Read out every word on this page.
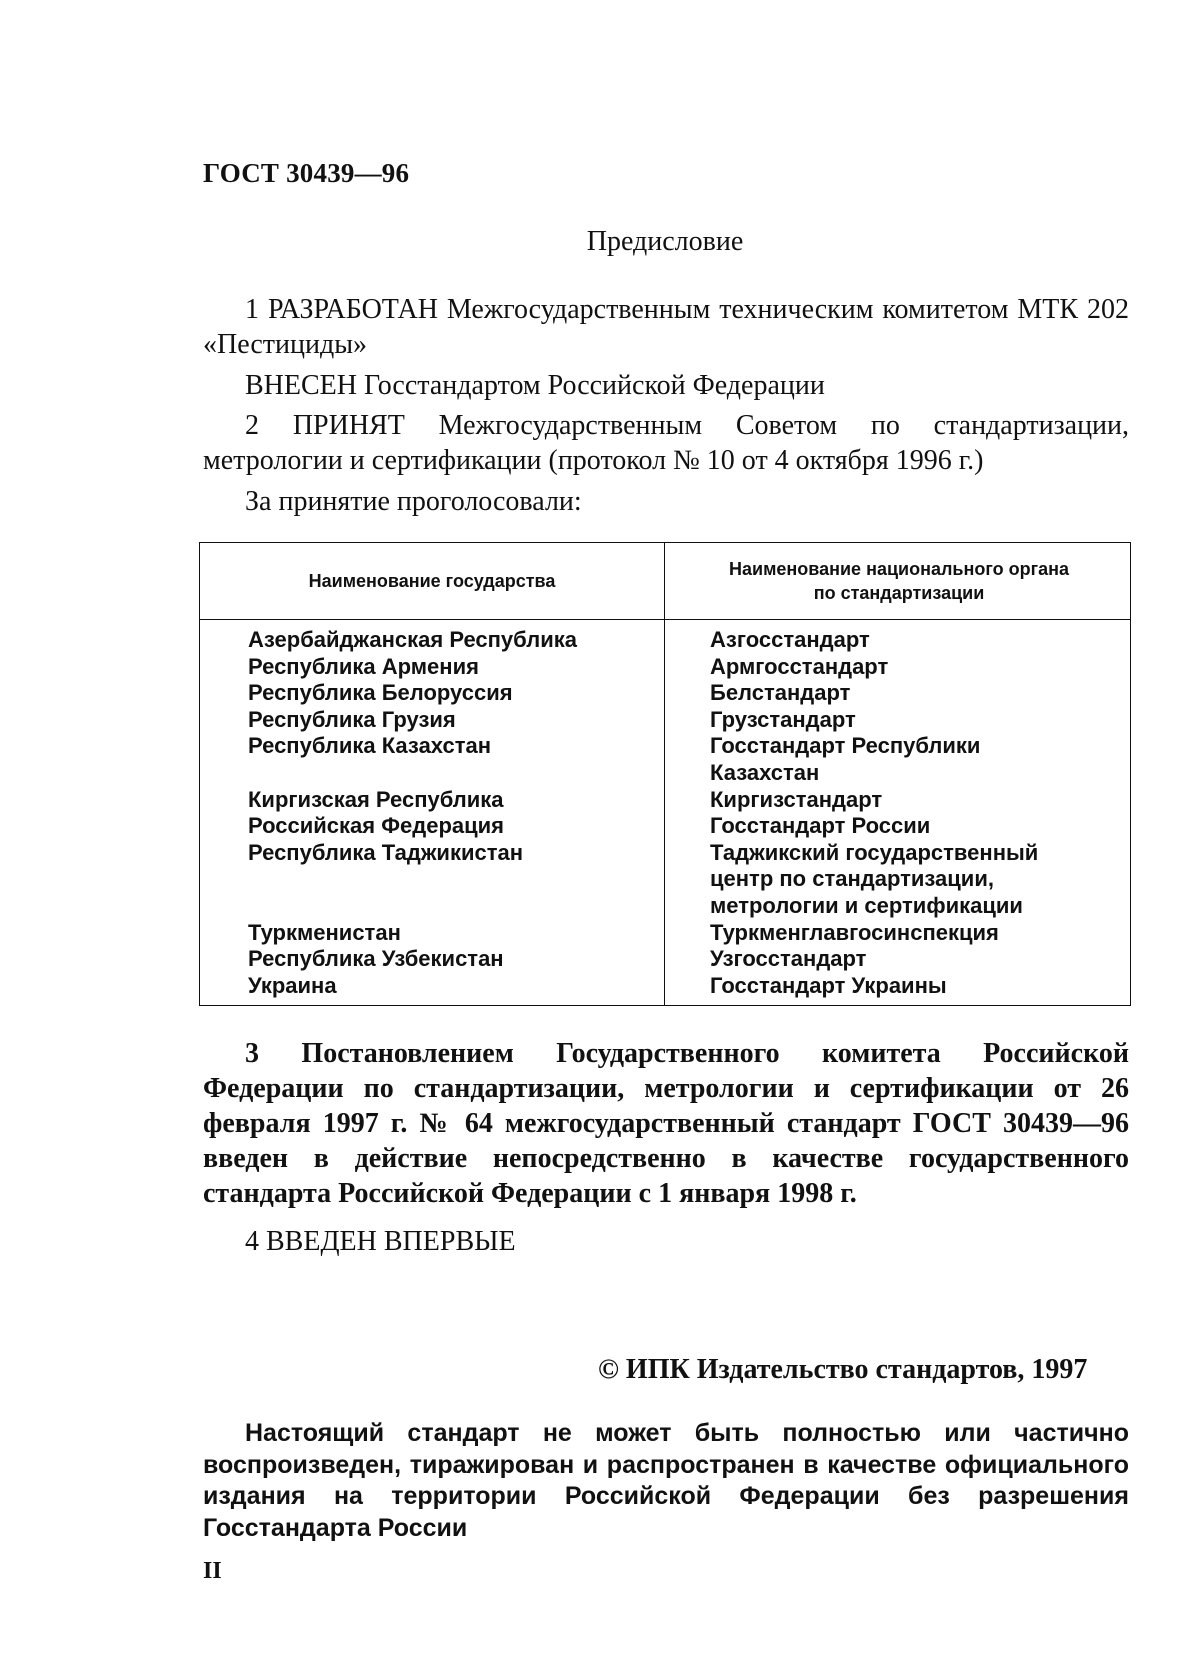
ГОСТ 30439—96
Предисловие
1 РАЗРАБОТАН Межгосударственным техническим комитетом МТК 202 «Пестициды»
ВНЕСЕН Госстандартом Российской Федерации
2 ПРИНЯТ Межгосударственным Советом по стандартизации, метрологии и сертификации (протокол № 10 от 4 октября 1996 г.)
За принятие проголосовали:
Наименование государства
Наименование национального органа
по стандартизации
Азербайджанская Республика
Республика Армения
Республика Белоруссия
Республика Грузия
Республика Казахстан
Киргизская Республика
Российская Федерация
Республика Таджикистан
Туркменистан
Республика Узбекистан
Украина
Азгосстандарт
Армгосстандарт
Белстандарт
Грузстандарт
Госстандарт Республики
Казахстан
Киргизстандарт
Госстандарт России
Таджикский государственный
центр по стандартизации,
метрологии и сертификации
Туркменглавгосинспекция
Узгосстандарт
Госстандарт Украины
3 Постановлением Государственного комитета Российской Федерации по стандартизации, метрологии и сертификации от 26 февраля 1997 г. № 64 межгосударственный стандарт ГОСТ 30439—96 введен в действие непосредственно в качестве государственного стандарта Российской Федерации с 1 января 1998 г.
4 ВВЕДЕН ВПЕРВЫЕ
© ИПК Издательство стандартов, 1997
Настоящий стандарт не может быть полностью или частично воспроизведен, тиражирован и распространен в качестве официального издания на территории Российской Федерации без разрешения Госстандарта России
II
